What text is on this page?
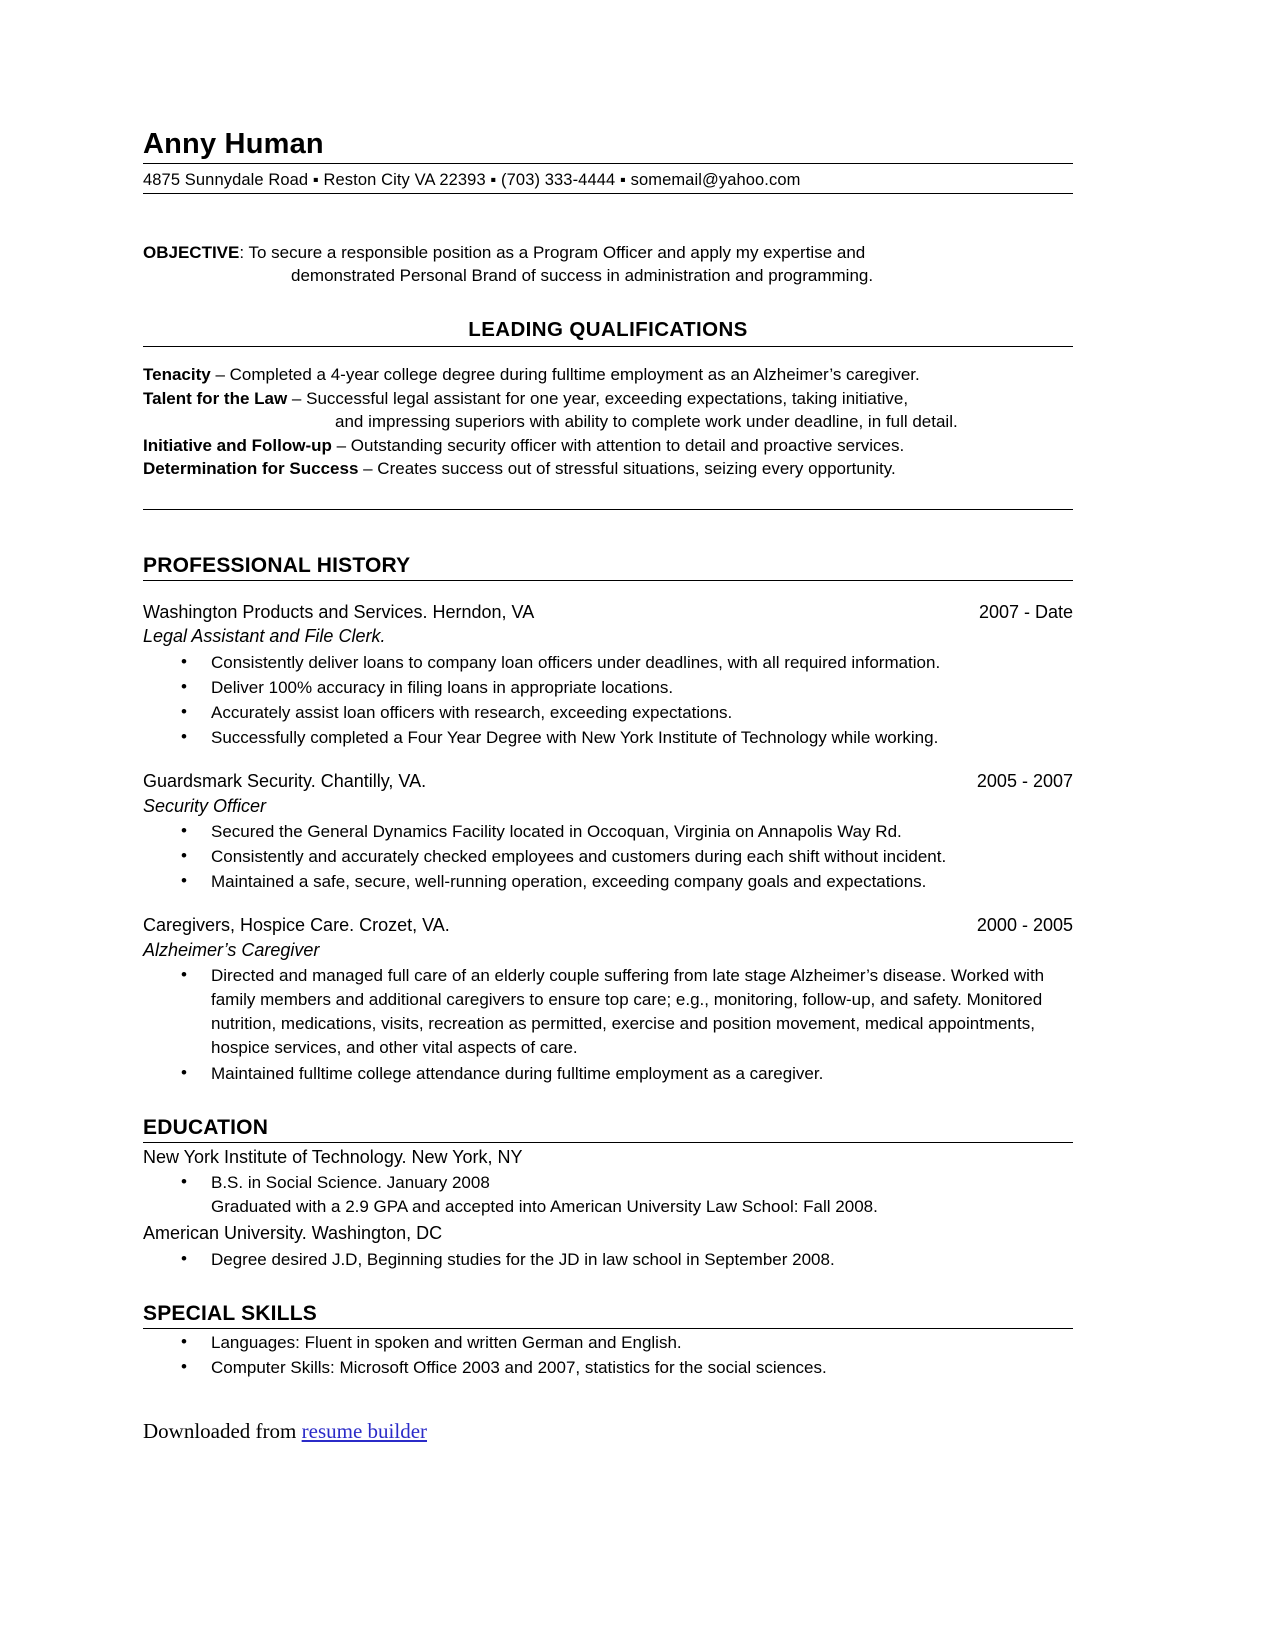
Anny Human
4875 Sunnydale Road ▪ Reston City VA 22393 ▪ (703) 333-4444 ▪ somemail@yahoo.com
OBJECTIVE: To secure a responsible position as a Program Officer and apply my expertise and
demonstrated Personal Brand of success in administration and programming.
LEADING QUALIFICATIONS

Tenacity – Completed a 4-year college degree during fulltime employment as an Alzheimer’s caregiver.

Talent for the Law – Successful legal assistant for one year, exceeding expectations, taking initiative,
and impressing superiors with ability to complete work under deadline, in full detail.

Initiative and Follow-up – Outstanding security officer with attention to detail and proactive services.

Determination for Success – Creates success out of stressful situations, seizing every opportunity.

PROFESSIONAL HISTORY
Washington Products and Services. Herndon, VA	2007 - Date
Legal Assistant and File Clerk.
• Consistently deliver loans to company loan officers under deadlines, with all required information.
• Deliver 100% accuracy in filing loans in appropriate locations.
• Accurately assist loan officers with research, exceeding expectations.
• Successfully completed a Four Year Degree with New York Institute of Technology while working.
Guardsmark Security. Chantilly, VA.	2005 - 2007
Security Officer
• Secured the General Dynamics Facility located in Occoquan, Virginia on Annapolis Way Rd.
• Consistently and accurately checked employees and customers during each shift without incident.
• Maintained a safe, secure, well-running operation, exceeding company goals and expectations.
Caregivers, Hospice Care. Crozet, VA.	2000 - 2005
Alzheimer’s Caregiver
• Directed and managed full care of an elderly couple suffering from late stage Alzheimer’s disease. Worked with family members and additional caregivers to ensure top care; e.g., monitoring, follow-up, and safety. Monitored nutrition, medications, visits, recreation as permitted, exercise and position movement, medical appointments, hospice services, and other vital aspects of care.
• Maintained fulltime college attendance during fulltime employment as a caregiver.
EDUCATION
New York Institute of Technology. New York, NY
• B.S. in Social Science. January 2008
Graduated with a 2.9 GPA and accepted into American University Law School: Fall 2008.
American University. Washington, DC
• Degree desired J.D, Beginning studies for the JD in law school in September 2008.
SPECIAL SKILLS
• Languages: Fluent in spoken and written German and English.
• Computer Skills: Microsoft Office 2003 and 2007, statistics for the social sciences.
Downloaded from resume builder
